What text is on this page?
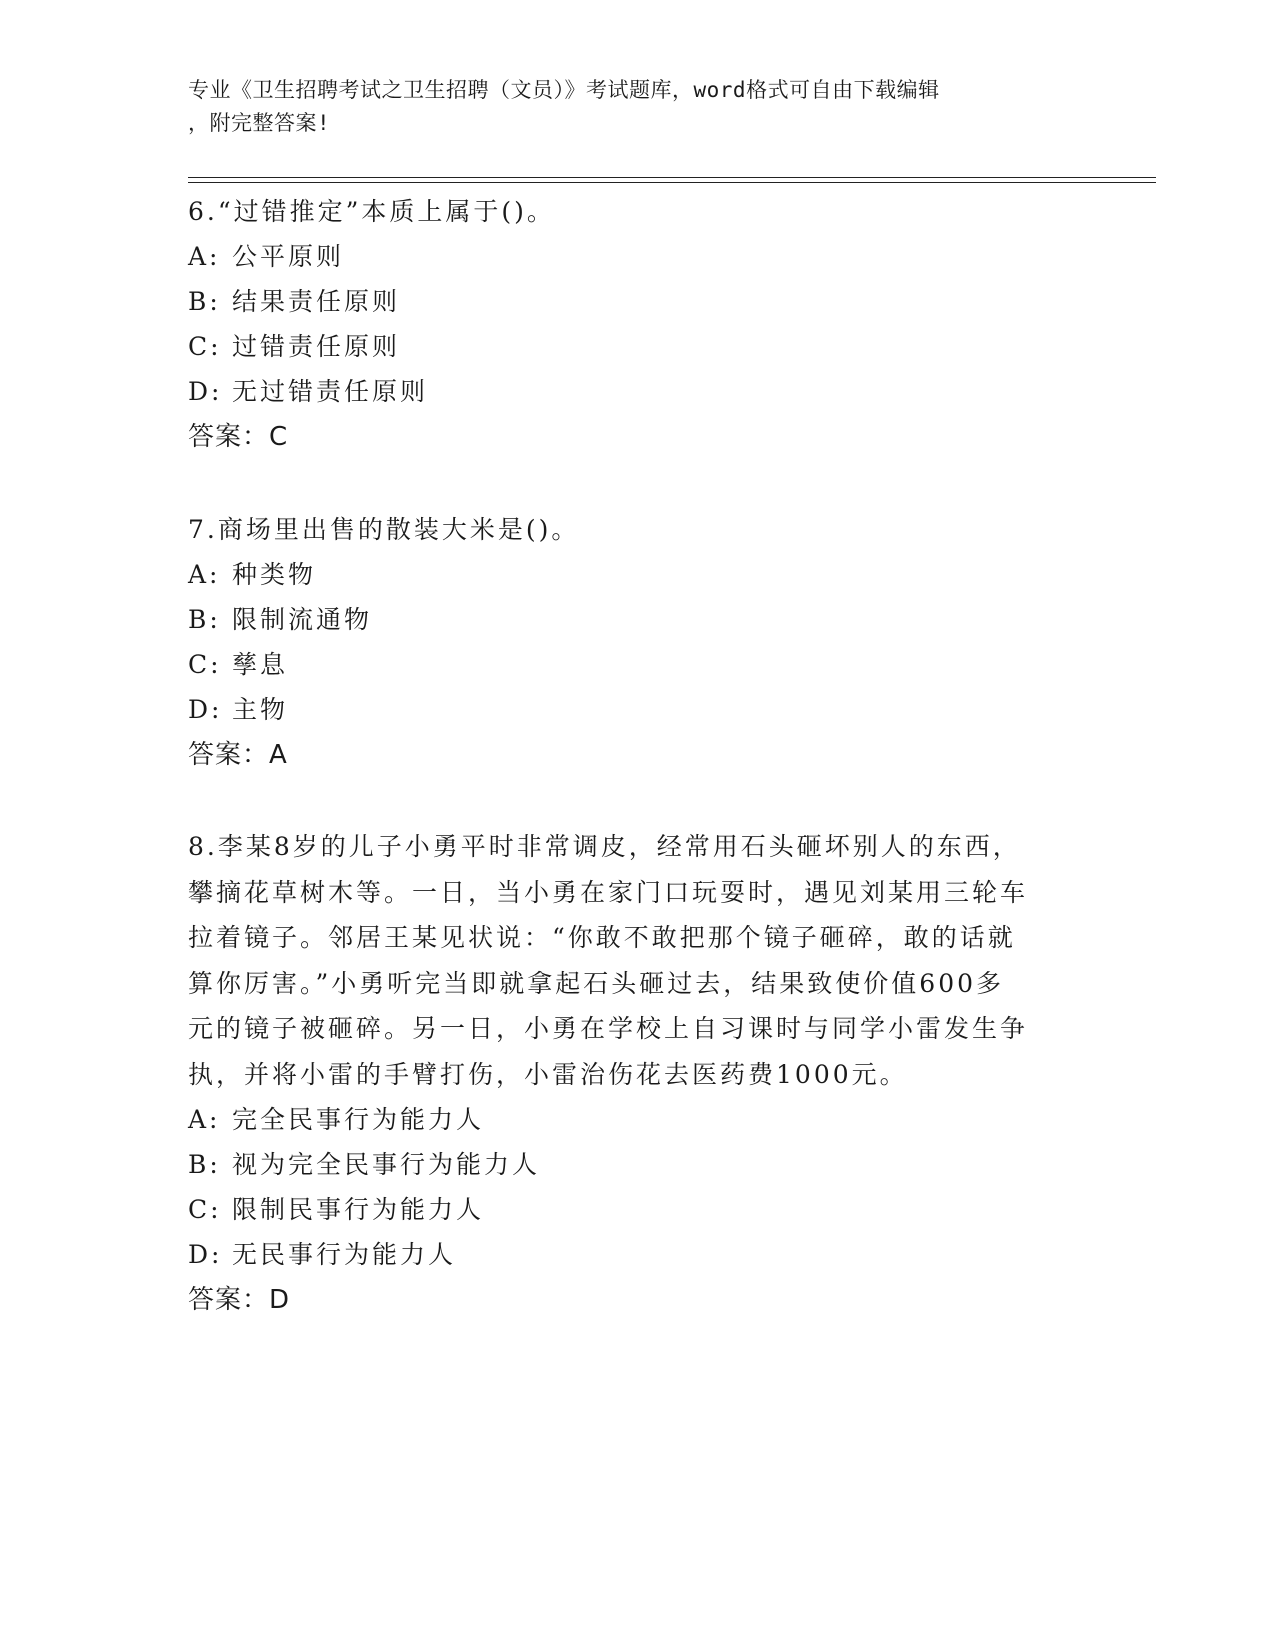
专业《卫生招聘考试之卫生招聘（文员）》考试题库，word格式可自由下载编辑
，附完整答案!
6.“过错推定”本质上属于()。
A: 公平原则
B: 结果责任原则
C: 过错责任原则
D: 无过错责任原则
答案：C
7.商场里出售的散装大米是()。
A: 种类物
B: 限制流通物
C: 孳息
D: 主物
答案：A
8.李某8岁的儿子小勇平时非常调皮，经常用石头砸坏别人的东西，
攀摘花草树木等。一日，当小勇在家门口玩耍时，遇见刘某用三轮车
拉着镜子。邻居王某见状说：“你敢不敢把那个镜子砸碎，敢的话就
算你厉害。”小勇听完当即就拿起石头砸过去，结果致使价值600多
元的镜子被砸碎。另一日，小勇在学校上自习课时与同学小雷发生争
执，并将小雷的手臂打伤，小雷治伤花去医药费1000元。
A: 完全民事行为能力人
B: 视为完全民事行为能力人
C: 限制民事行为能力人
D: 无民事行为能力人
答案：D
